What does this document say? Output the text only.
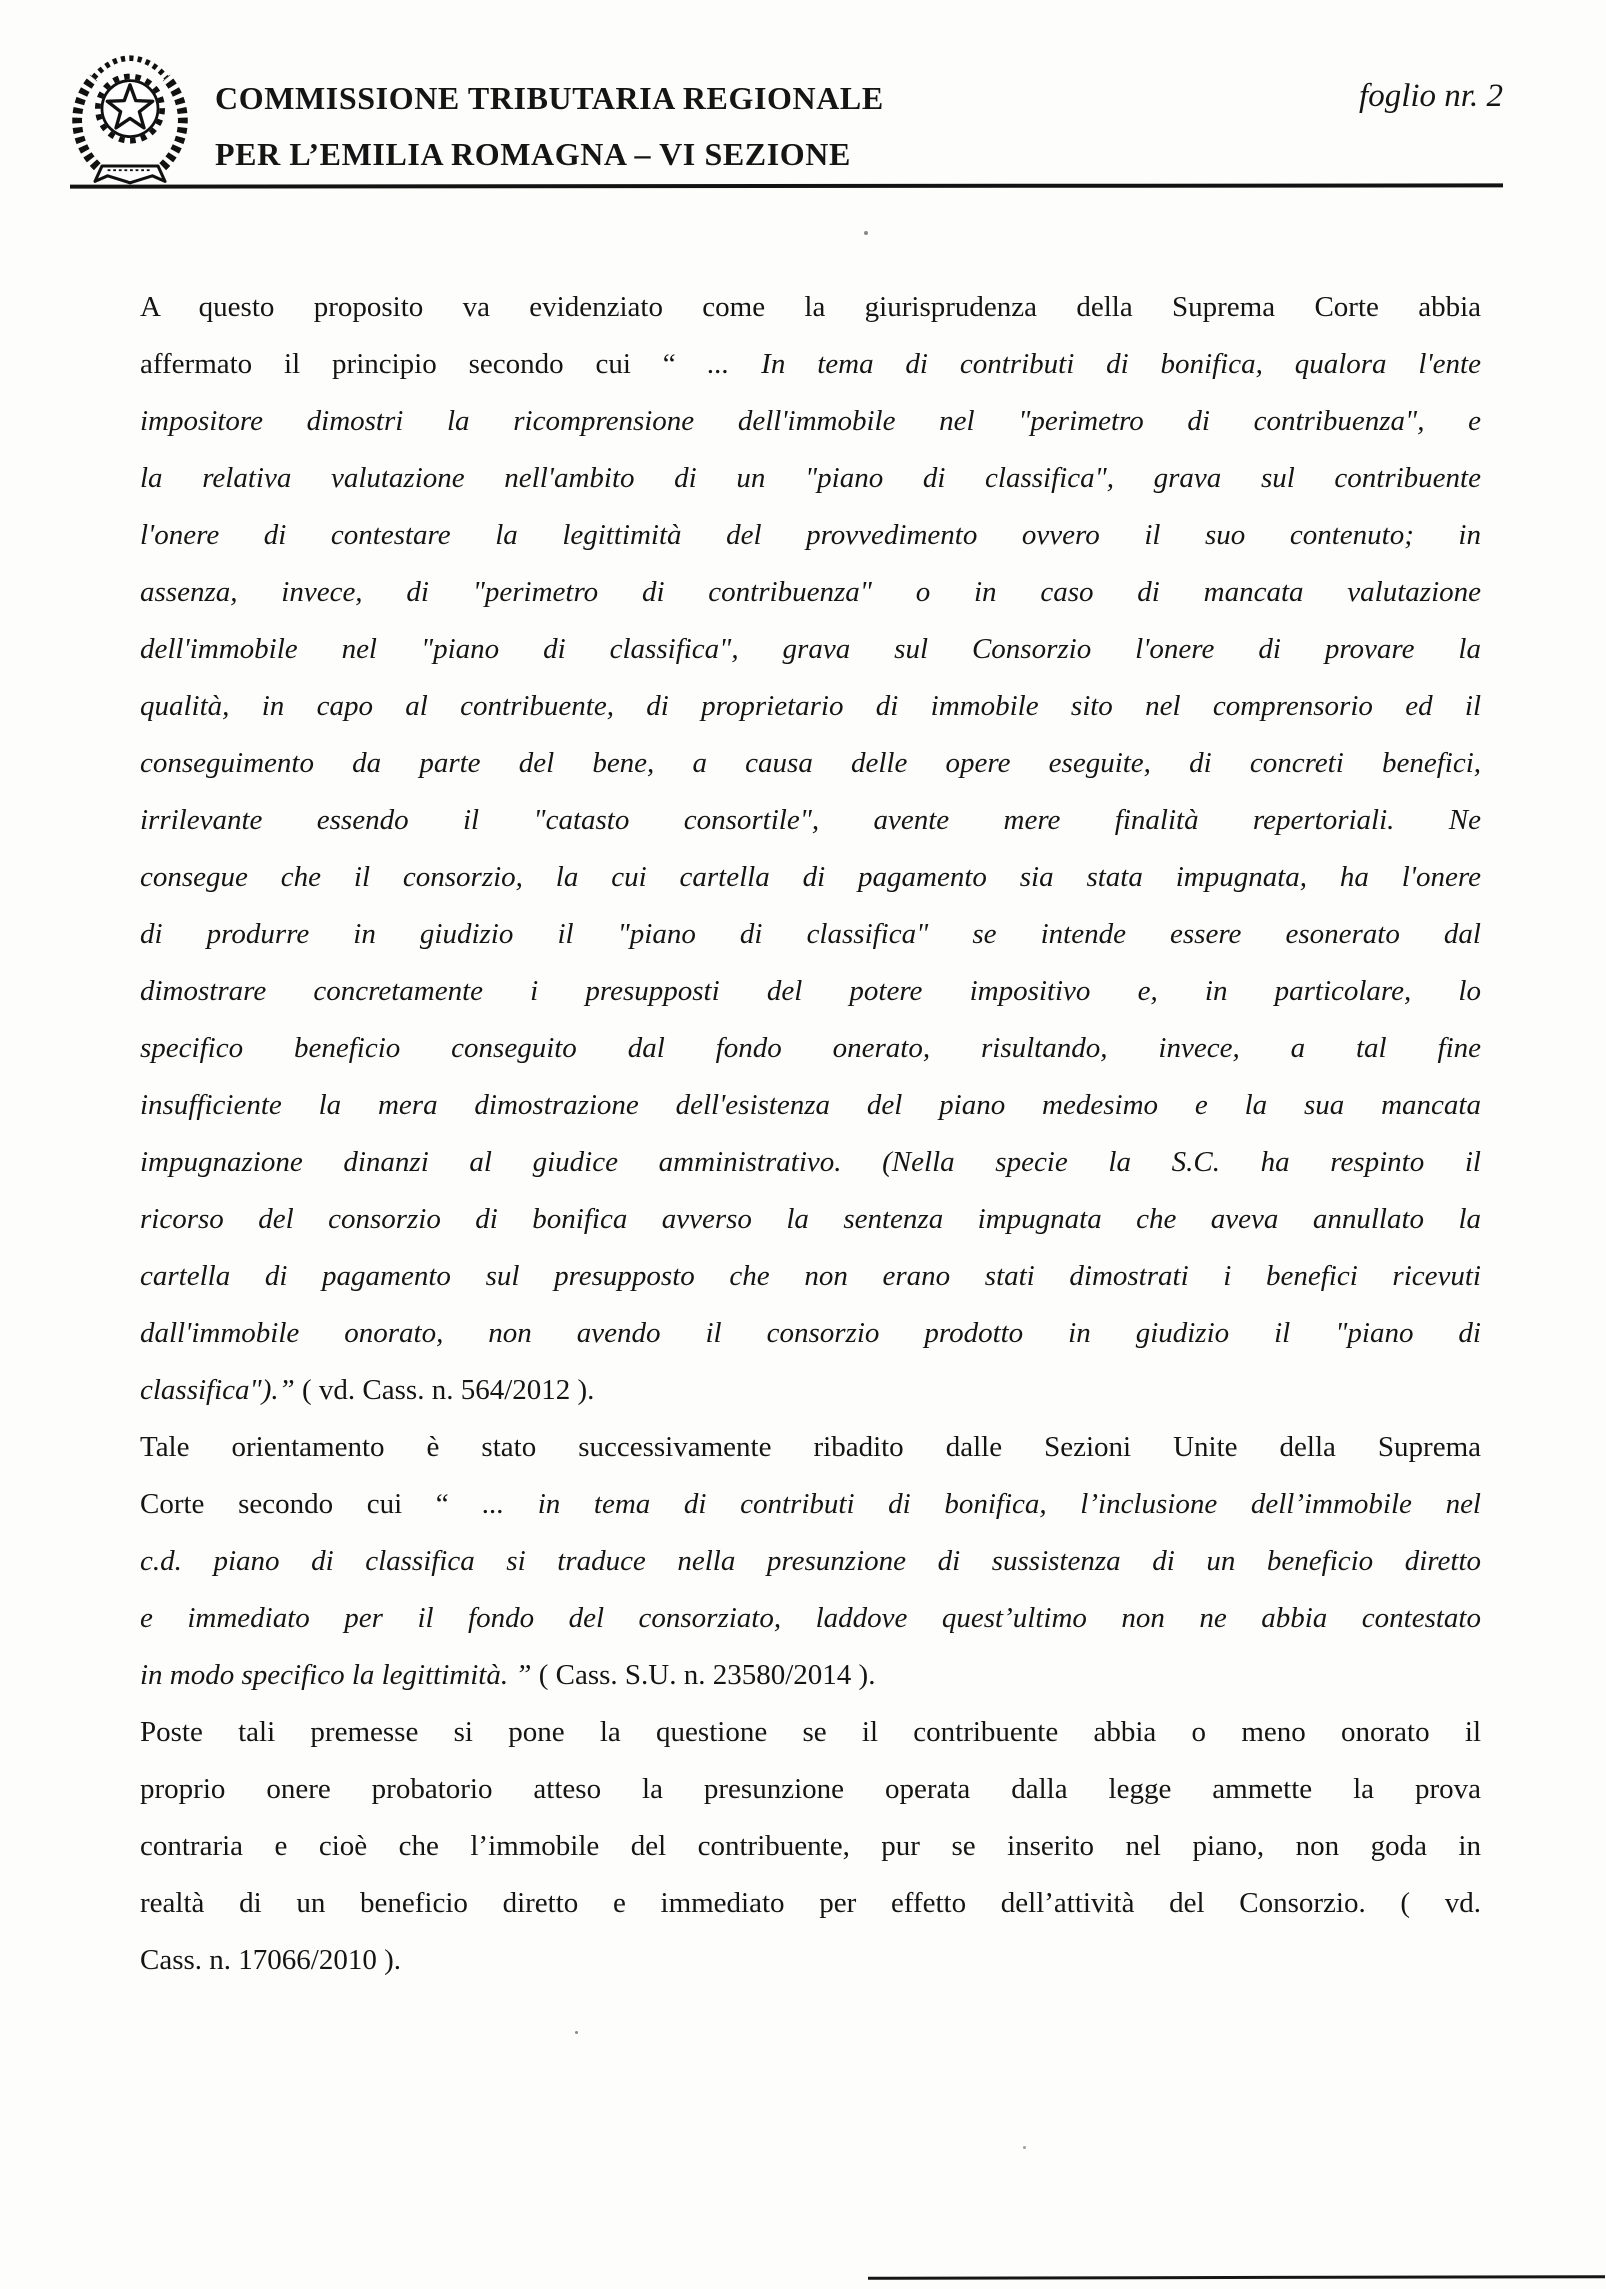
COMMISSIONE TRIBUTARIA REGIONALE
PER L’EMILIA ROMAGNA – VI SEZIONE
foglio nr. 2
A questo proposito va evidenziato come la giurisprudenza della Suprema Corte abbia
affermato il principio secondo cui “ ... In tema di contributi di bonifica, qualora l'ente
impositore dimostri la ricomprensione dell'immobile nel "perimetro di contribuenza", e
la relativa valutazione nell'ambito di un "piano di classifica", grava sul contribuente
l'onere di contestare la legittimità del provvedimento ovvero il suo contenuto; in
assenza, invece, di "perimetro di contribuenza" o in caso di mancata valutazione
dell'immobile nel "piano di classifica", grava sul Consorzio l'onere di provare la
qualità, in capo al contribuente, di proprietario di immobile sito nel comprensorio ed il
conseguimento da parte del bene, a causa delle opere eseguite, di concreti benefici,
irrilevante essendo il "catasto consortile", avente mere finalità repertoriali. Ne
consegue che il consorzio, la cui cartella di pagamento sia stata impugnata, ha l'onere
di produrre in giudizio il "piano di classifica" se intende essere esonerato dal
dimostrare concretamente i presupposti del potere impositivo e, in particolare, lo
specifico beneficio conseguito dal fondo onerato, risultando, invece, a tal fine
insufficiente la mera dimostrazione dell'esistenza del piano medesimo e la sua mancata
impugnazione dinanzi al giudice amministrativo. (Nella specie la S.C. ha respinto il
ricorso del consorzio di bonifica avverso la sentenza impugnata che aveva annullato la
cartella di pagamento sul presupposto che non erano stati dimostrati i benefici ricevuti
dall'immobile onorato, non avendo il consorzio prodotto in giudizio il "piano di
classifica").” ( vd. Cass. n. 564/2012 ).
Tale orientamento è stato successivamente ribadito dalle Sezioni Unite della Suprema
Corte secondo cui “ ... in tema di contributi di bonifica, l’inclusione dell’immobile nel
c.d. piano di classifica si traduce nella presunzione di sussistenza di un beneficio diretto
e immediato per il fondo del consorziato, laddove quest’ultimo non ne abbia contestato
in modo specifico la legittimità. ” ( Cass. S.U. n. 23580/2014 ).
Poste tali premesse si pone la questione se il contribuente abbia o meno onorato il
proprio onere probatorio atteso la presunzione operata dalla legge ammette la prova
contraria e cioè che l’immobile del contribuente, pur se inserito nel piano, non goda in
realtà di un beneficio diretto e immediato per effetto dell’attività del Consorzio. ( vd.
Cass. n. 17066/2010 ).
